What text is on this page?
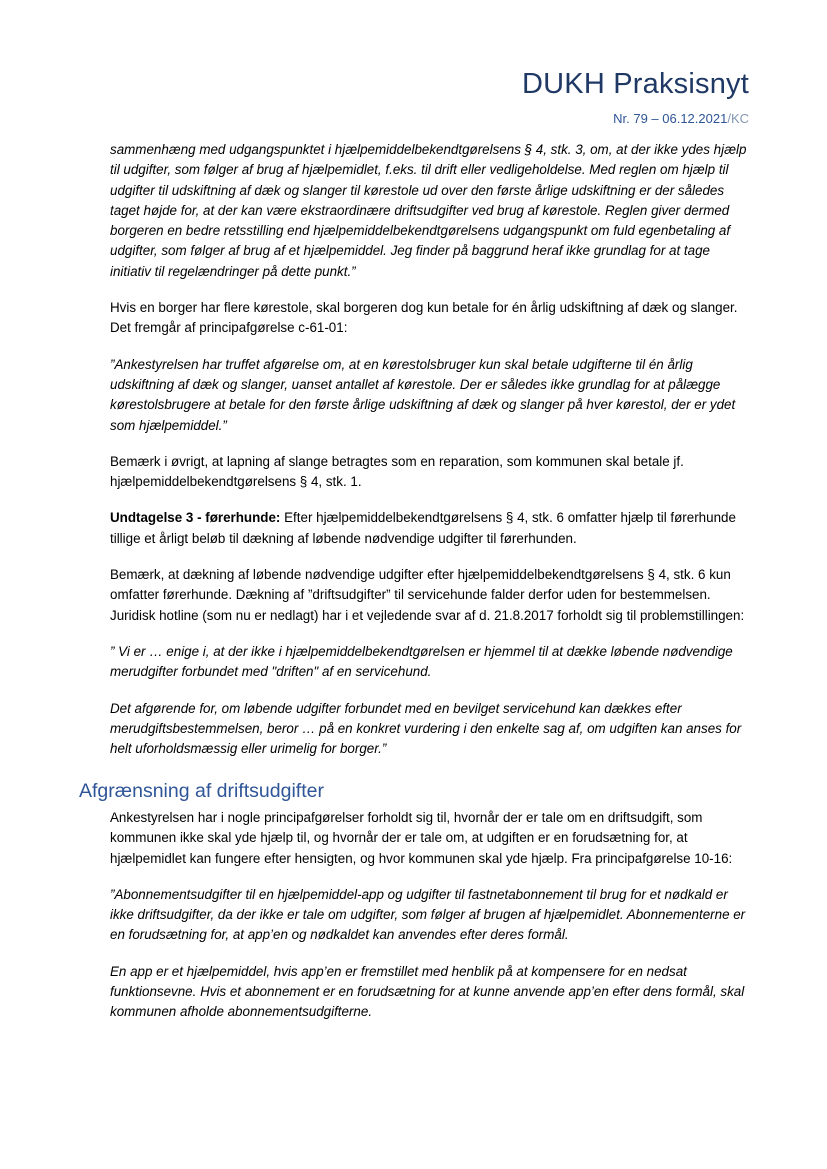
DUKH Praksisnyt
Nr. 79 – 06.12.2021/KC

sammenhæng med udgangspunktet i hjælpemiddelbekendtgørelsens § 4, stk. 3, om, at der ikke ydes hjælp til udgifter, som følger af brug af hjælpemidlet, f.eks. til drift eller vedligeholdelse. Med reglen om hjælp til udgifter til udskiftning af dæk og slanger til kørestole ud over den første årlige udskiftning er der således taget højde for, at der kan være ekstraordinære driftsudgifter ved brug af kørestole. Reglen giver dermed borgeren en bedre retsstilling end hjælpemiddelbekendtgørelsens udgangspunkt om fuld egenbetaling af udgifter, som følger af brug af et hjælpemiddel. Jeg finder på baggrund heraf ikke grundlag for at tage initiativ til regelændringer på dette punkt.”

Hvis en borger har flere kørestole, skal borgeren dog kun betale for én årlig udskiftning af dæk og slanger. Det fremgår af principafgørelse c-61-01:

”Ankestyrelsen har truffet afgørelse om, at en kørestolsbruger kun skal betale udgifterne til én årlig udskiftning af dæk og slanger, uanset antallet af kørestole. Der er således ikke grundlag for at pålægge kørestolsbrugere at betale for den første årlige udskiftning af dæk og slanger på hver kørestol, der er ydet som hjælpemiddel.”

Bemærk i øvrigt, at lapning af slange betragtes som en reparation, som kommunen skal betale jf. hjælpemiddelbekendtgørelsens § 4, stk. 1.

Undtagelse 3 - førerhunde: Efter hjælpemiddelbekendtgørelsens § 4, stk. 6 omfatter hjælp til førerhunde tillige et årligt beløb til dækning af løbende nødvendige udgifter til førerhunden.

Bemærk, at dækning af løbende nødvendige udgifter efter hjælpemiddelbekendtgørelsens § 4, stk. 6 kun omfatter førerhunde. Dækning af ”driftsudgifter” til servicehunde falder derfor uden for bestemmelsen. Juridisk hotline (som nu er nedlagt) har i et vejledende svar af d. 21.8.2017 forholdt sig til problemstillingen:

” Vi er … enige i, at der ikke i hjælpemiddelbekendtgørelsen er hjemmel til at dække løbende nødvendige merudgifter forbundet med "driften" af en servicehund.

Det afgørende for, om løbende udgifter forbundet med en bevilget servicehund kan dækkes efter merudgiftsbestemmelsen, beror … på en konkret vurdering i den enkelte sag af, om udgiften kan anses for helt uforholdsmæssig eller urimelig for borger.”

Afgrænsning af driftsudgifter

Ankestyrelsen har i nogle principafgørelser forholdt sig til, hvornår der er tale om en driftsudgift, som kommunen ikke skal yde hjælp til, og hvornår der er tale om, at udgiften er en forudsætning for, at hjælpemidlet kan fungere efter hensigten, og hvor kommunen skal yde hjælp. Fra principafgørelse 10-16:

”Abonnementsudgifter til en hjælpemiddel-app og udgifter til fastnetabonnement til brug for et nødkald er ikke driftsudgifter, da der ikke er tale om udgifter, som følger af brugen af hjælpemidlet. Abonnementerne er en forudsætning for, at app’en og nødkaldet kan anvendes efter deres formål.

En app er et hjælpemiddel, hvis app’en er fremstillet med henblik på at kompensere for en nedsat funktionsevne. Hvis et abonnement er en forudsætning for at kunne anvende app’en efter dens formål, skal kommunen afholde abonnementsudgifterne.
